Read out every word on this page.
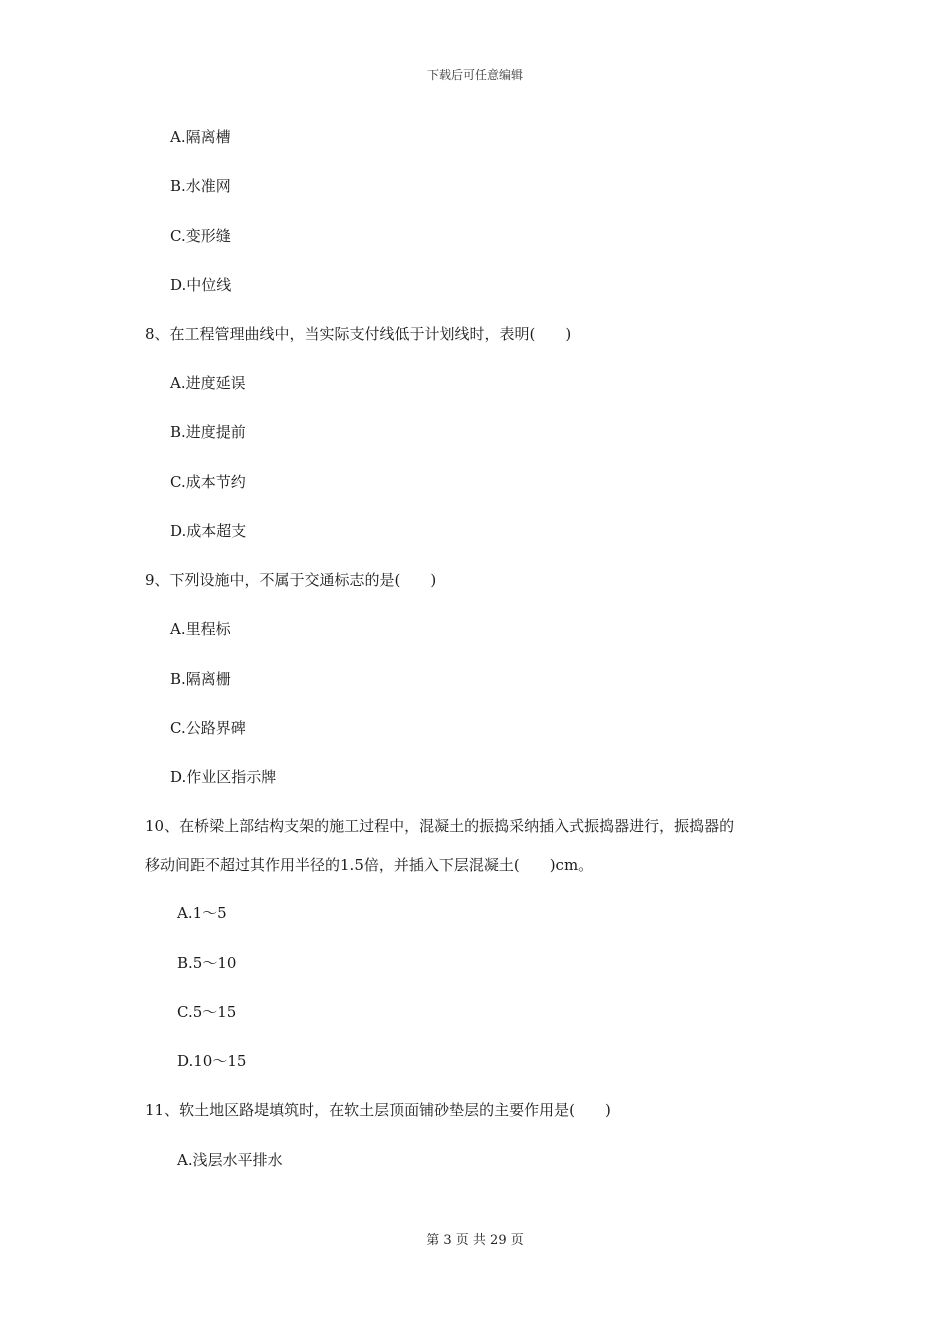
下载后可任意编辑
A.隔离槽
B.水准网
C.变形缝
D.中位线
8、在工程管理曲线中，当实际支付线低于计划线时，表明(　　)
A.进度延误
B.进度提前
C.成本节约
D.成本超支
9、下列设施中，不属于交通标志的是(　　)
A.里程标
B.隔离栅
C.公路界碑
D.作业区指示牌
10、在桥梁上部结构支架的施工过程中，混凝土的振捣采纳插入式振捣器进行，振捣器的
移动间距不超过其作用半径的1.5倍，并插入下层混凝土(　　)cm。
A.1～5
B.5～10
C.5～15
D.10～15
11、软土地区路堤填筑时，在软土层顶面铺砂垫层的主要作用是(　　)
A.浅层水平排水
第 3 页 共 29 页
